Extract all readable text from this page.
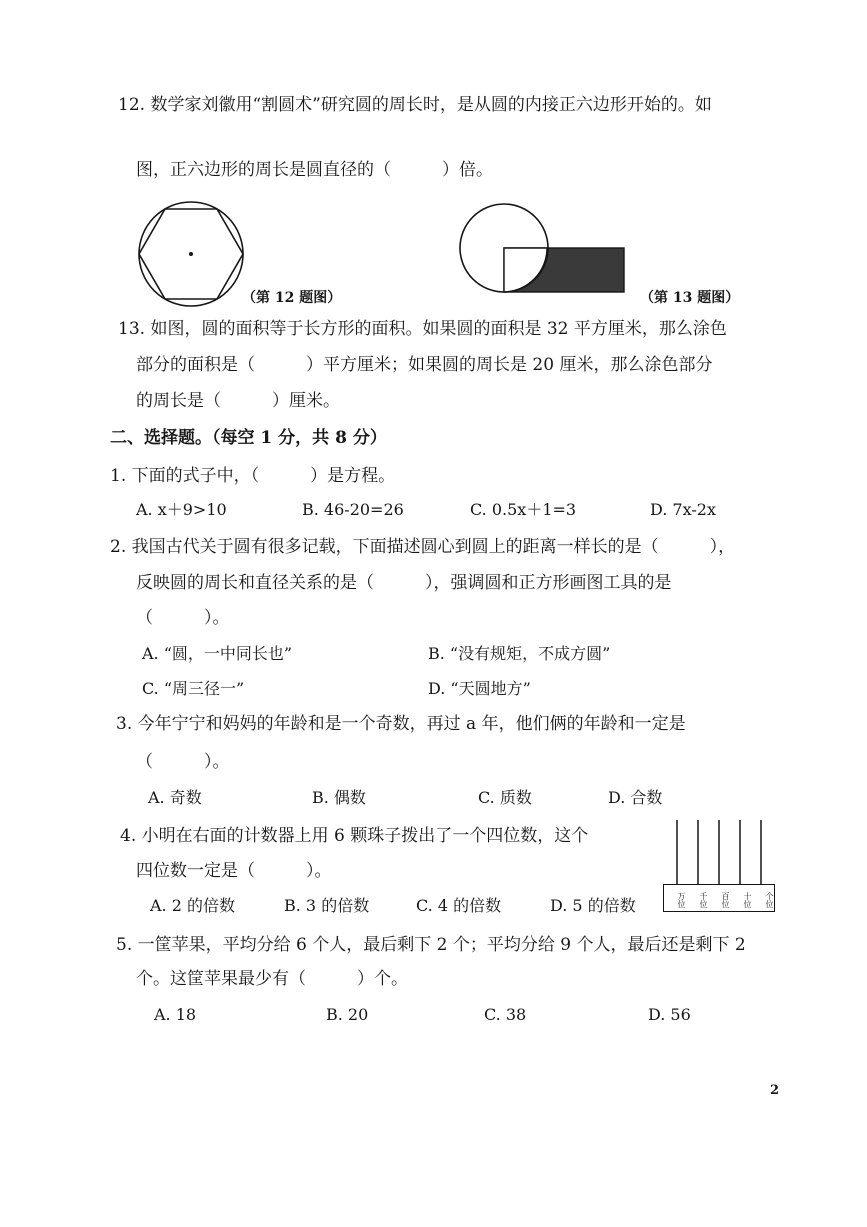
12. 数学家刘徽用“割圆术”研究圆的周长时，是从圆的内接正六边形开始的。如
图，正六边形的周长是圆直径的（　　　）倍。
（第 12 题图）	（第 13 题图）
13. 如图，圆的面积等于长方形的面积。如果圆的面积是 32 平方厘米，那么涂色
部分的面积是（　　　）平方厘米；如果圆的周长是 20 厘米，那么涂色部分
的周长是（　　　）厘米。
二、选择题。（每空 1 分，共 8 分）
1. 下面的式子中，（　　　）是方程。
A. x＋9>10	B. 46-20=26	C. 0.5x＋1=3	D. 7x-2x
2. 我国古代关于圆有很多记载，下面描述圆心到圆上的距离一样长的是（　　　），
反映圆的周长和直径关系的是（　　　），强调圆和正方形画图工具的是
（　　　）。
A. “圆，一中同长也”	B. “没有规矩，不成方圆”
C. “周三径一”	D. “天圆地方”
3. 今年宁宁和妈妈的年龄和是一个奇数，再过 a 年，他们俩的年龄和一定是
（　　　）。
A. 奇数	B. 偶数	C. 质数	D. 合数
4. 小明在右面的计数器上用 6 颗珠子拨出了一个四位数，这个
四位数一定是（　　　）。
A. 2 的倍数	B. 3 的倍数	C. 4 的倍数	D. 5 的倍数	万位	千位	百位	十位	个位
5. 一筐苹果，平均分给 6 个人，最后剩下 2 个；平均分给 9 个人，最后还是剩下 2
个。这筐苹果最少有（　　　）个。
A. 18	B. 20	C. 38	D. 56
2
